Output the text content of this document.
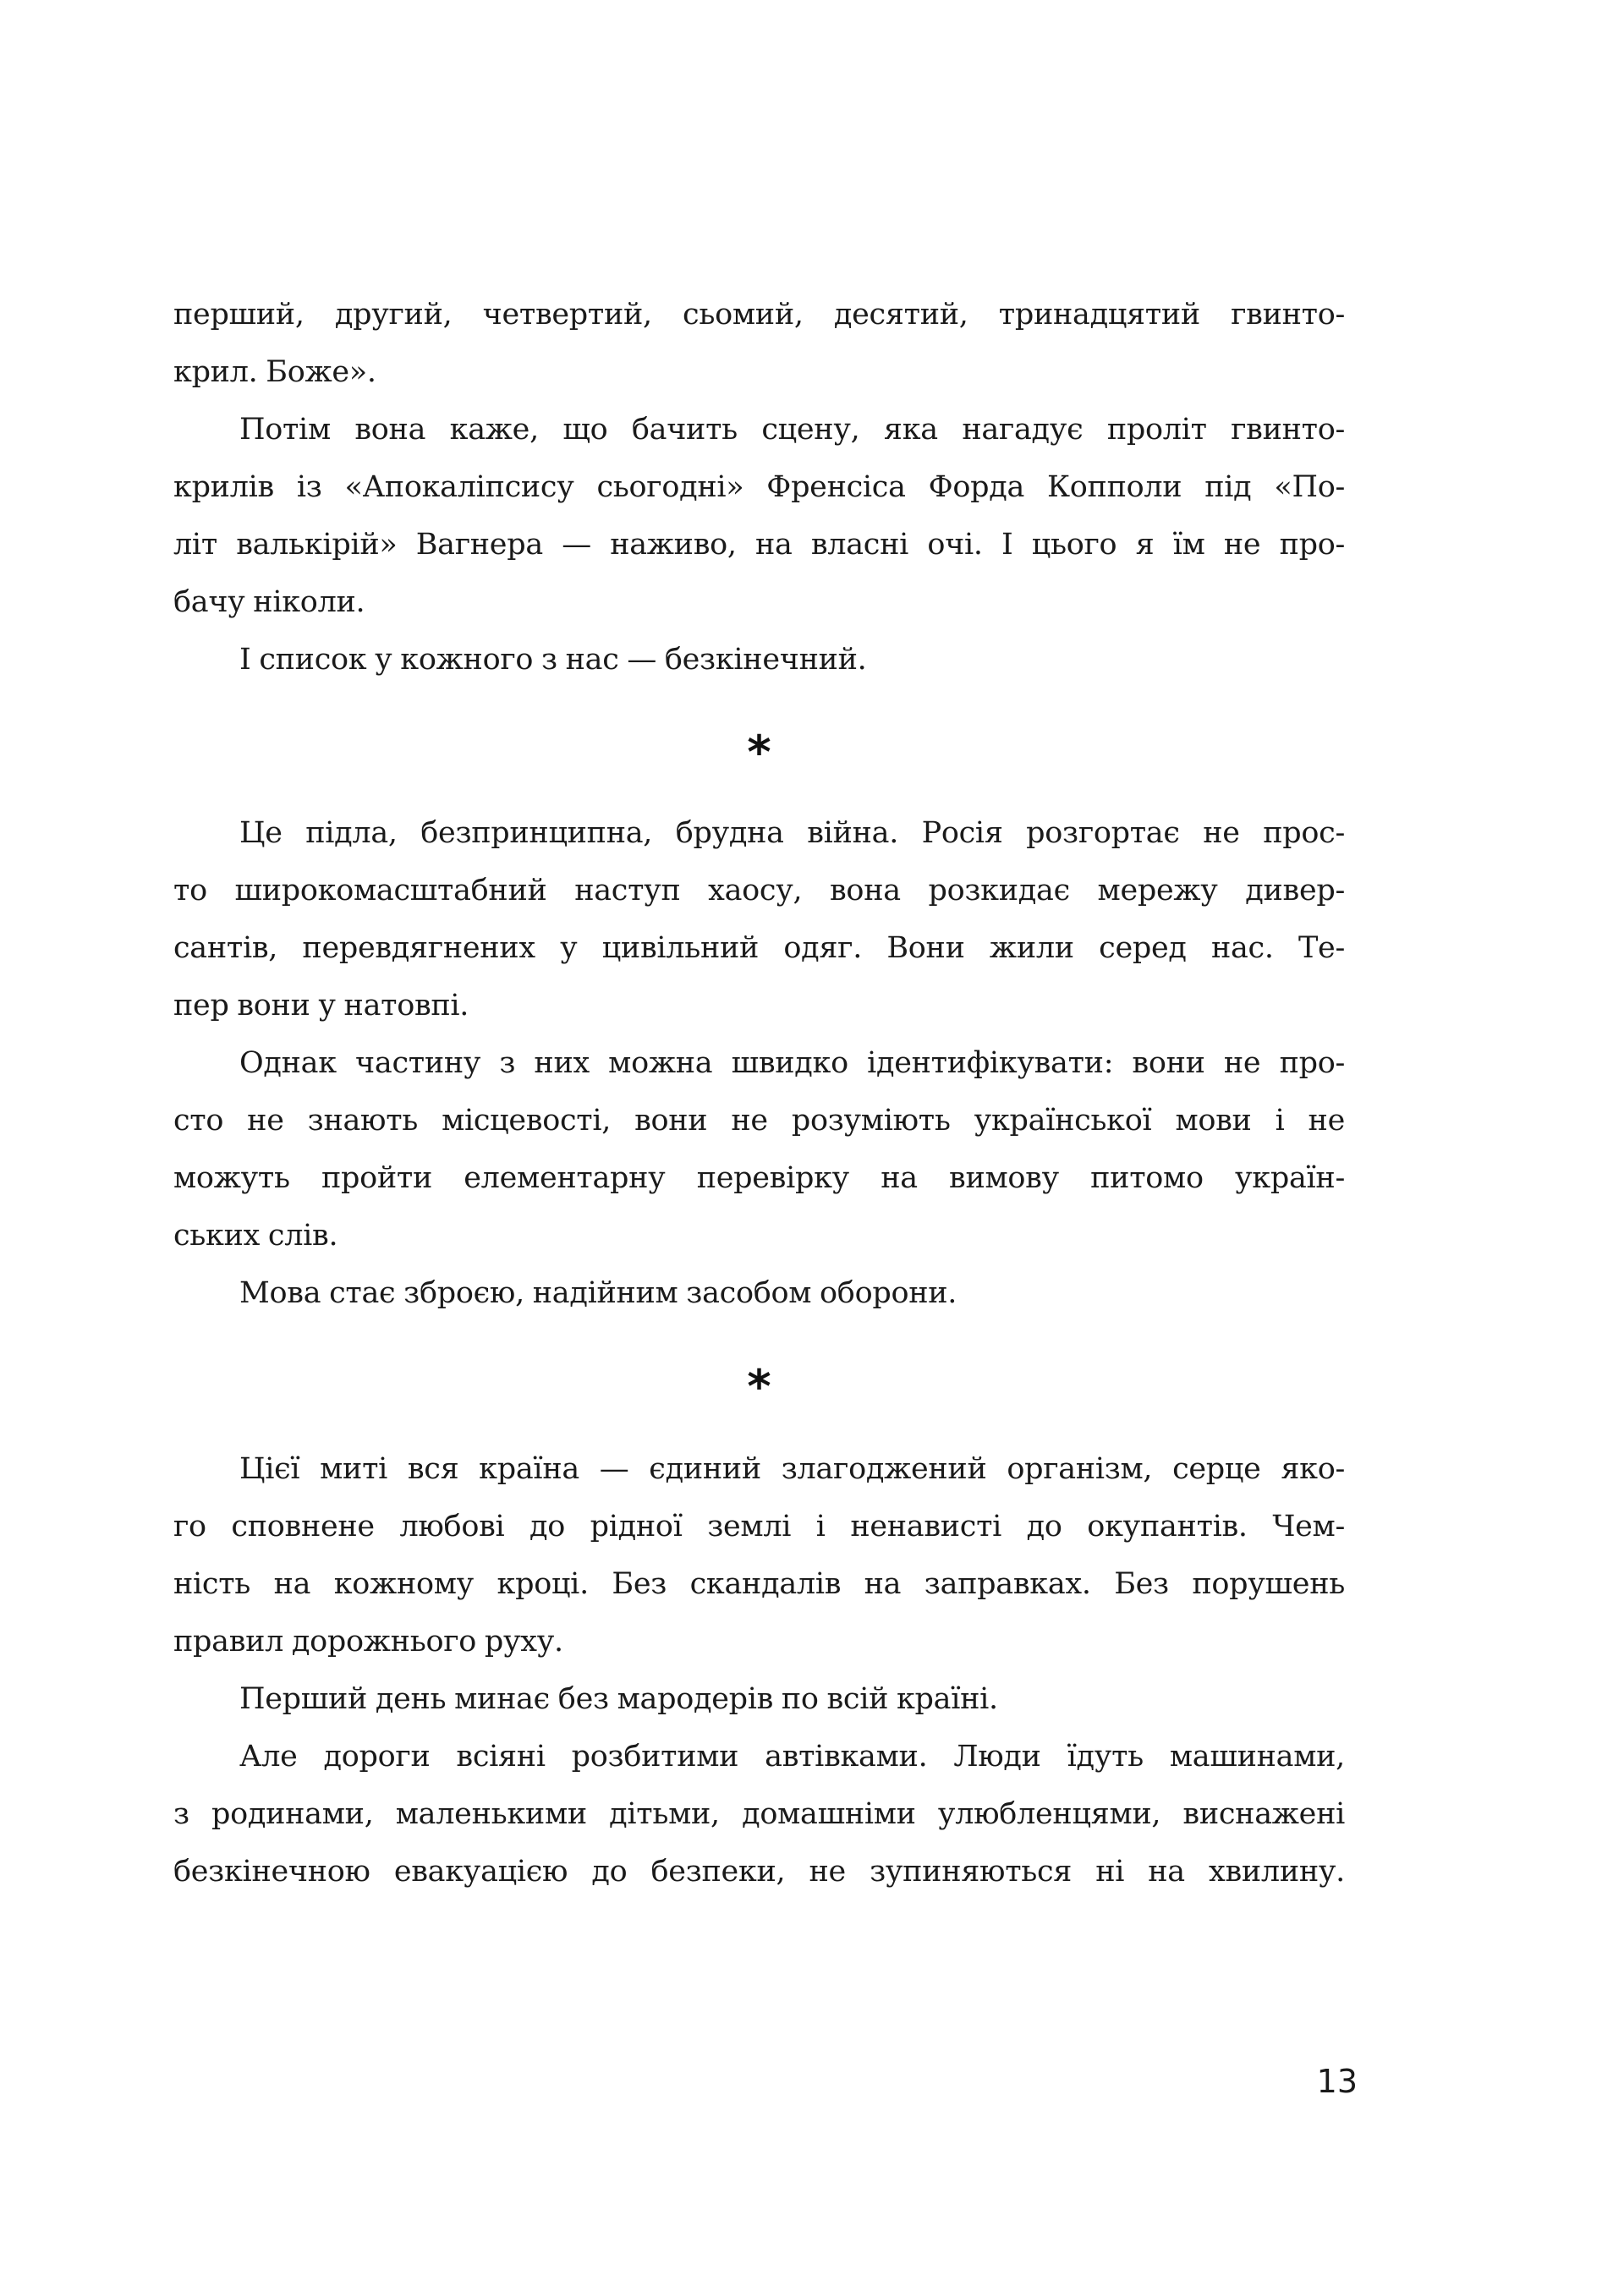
перший, другий, четвертий, сьомий, десятий, тринадцятий гвинто-
крил. Боже».
Потім вона каже, що бачить сцену, яка нагадує проліт гвинто-
крилів із «Апокаліпсису сьогодні» Френсіса Форда Копполи під «По-
літ валькірій» Вагнера — наживо, на власні очі. І цього я їм не про-
бачу ніколи.
І список у кожного з нас — безкінечний.
*
Це підла, безпринципна, брудна війна. Росія розгортає не прос-
то широкомасштабний наступ хаосу, вона розкидає мережу дивер-
сантів, перевдягнених у цивільний одяг. Вони жили серед нас. Те-
пер вони у натовпі.
Однак частину з них можна швидко ідентифікувати: вони не про-
сто не знають місцевості, вони не розуміють української мови і не
можуть пройти елементарну перевірку на вимову питомо україн-
ських слів.
Мова стає зброєю, надійним засобом оборони.
*
Цієї миті вся країна — єдиний злагоджений організм, серце яко-
го сповнене любові до рідної землі і ненависті до окупантів. Чем-
ність на кожному кроці. Без скандалів на заправках. Без порушень
правил дорожнього руху.
Перший день минає без мародерів по всій країні.
Але дороги всіяні розбитими автівками. Люди їдуть машинами,
з родинами, маленькими дітьми, домашніми улюбленцями, виснажені
безкінечною евакуацією до безпеки, не зупиняються ні на хвилину.
13
